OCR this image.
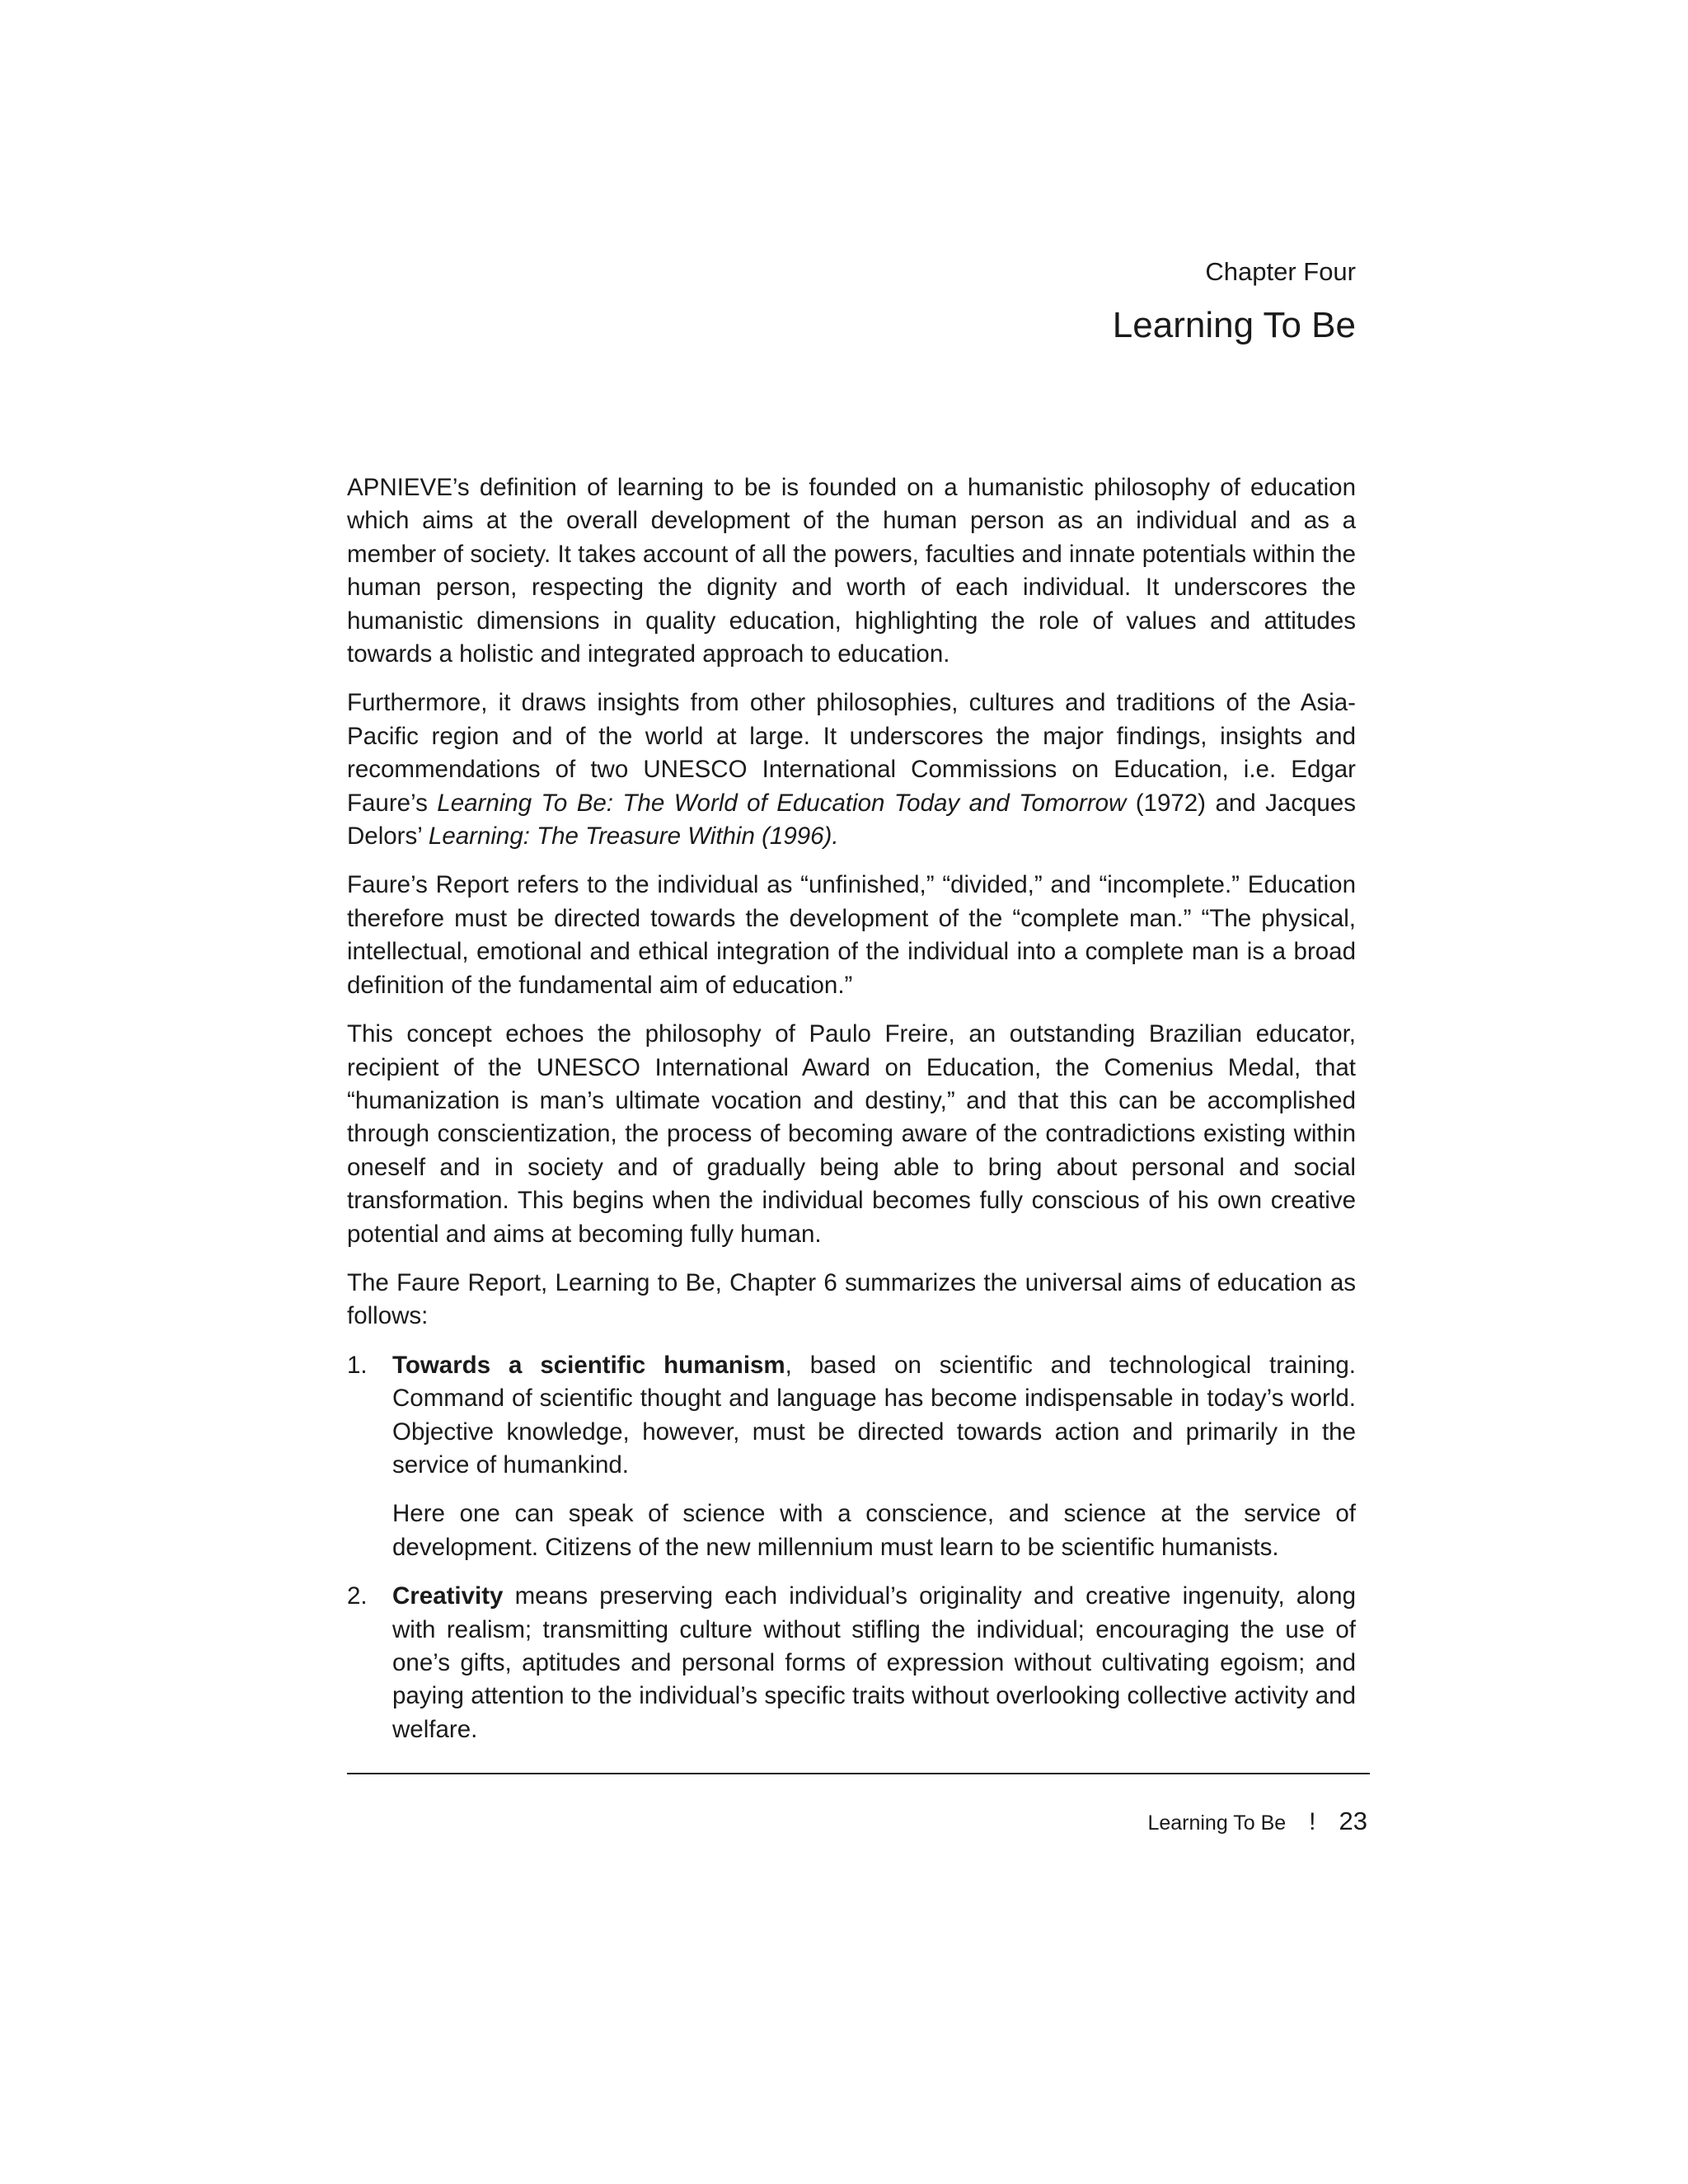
Chapter Four
Learning To Be

APNIEVE’s definition of learning to be is founded on a humanistic philosophy of education which aims at the overall development of the human person as an individual and as a member of society. It takes account of all the powers, faculties and innate potentials within the human person, respecting the dignity and worth of each individual. It underscores the humanistic dimensions in quality education, highlighting the role of values and attitudes towards a holistic and integrated approach to education.

Furthermore, it draws insights from other philosophies, cultures and traditions of the Asia-Pacific region and of the world at large. It underscores the major findings, insights and recommendations of two UNESCO International Commissions on Education, i.e. Edgar Faure’s Learning To Be: The World of Education Today and Tomorrow (1972) and Jacques Delors’ Learning: The Treasure Within (1996).

Faure’s Report refers to the individual as “unfinished,” “divided,” and “incomplete.” Education therefore must be directed towards the development of the “complete man.” “The physical, intellectual, emotional and ethical integration of the individual into a complete man is a broad definition of the fundamental aim of education.”

This concept echoes the philosophy of Paulo Freire, an outstanding Brazilian educator, recipient of the UNESCO International Award on Education, the Comenius Medal, that “humanization is man’s ultimate vocation and destiny,” and that this can be accomplished through conscientization, the process of becoming aware of the contradictions existing within oneself and in society and of gradually being able to bring about personal and social transformation. This begins when the individual becomes fully conscious of his own creative potential and aims at becoming fully human.

The Faure Report, Learning to Be, Chapter 6 summarizes the universal aims of education as follows:

1. Towards a scientific humanism, based on scientific and technological training. Command of scientific thought and language has become indispensable in today’s world. Objective knowledge, however, must be directed towards action and primarily in the service of humankind.

Here one can speak of science with a conscience, and science at the service of development. Citizens of the new millennium must learn to be scientific humanists.

2. Creativity means preserving each individual’s originality and creative ingenuity, along with realism; transmitting culture without stifling the individual; encouraging the use of one’s gifts, aptitudes and personal forms of expression without cultivating egoism; and paying attention to the individual’s specific traits without overlooking collective activity and welfare.

Learning To Be ! 23
